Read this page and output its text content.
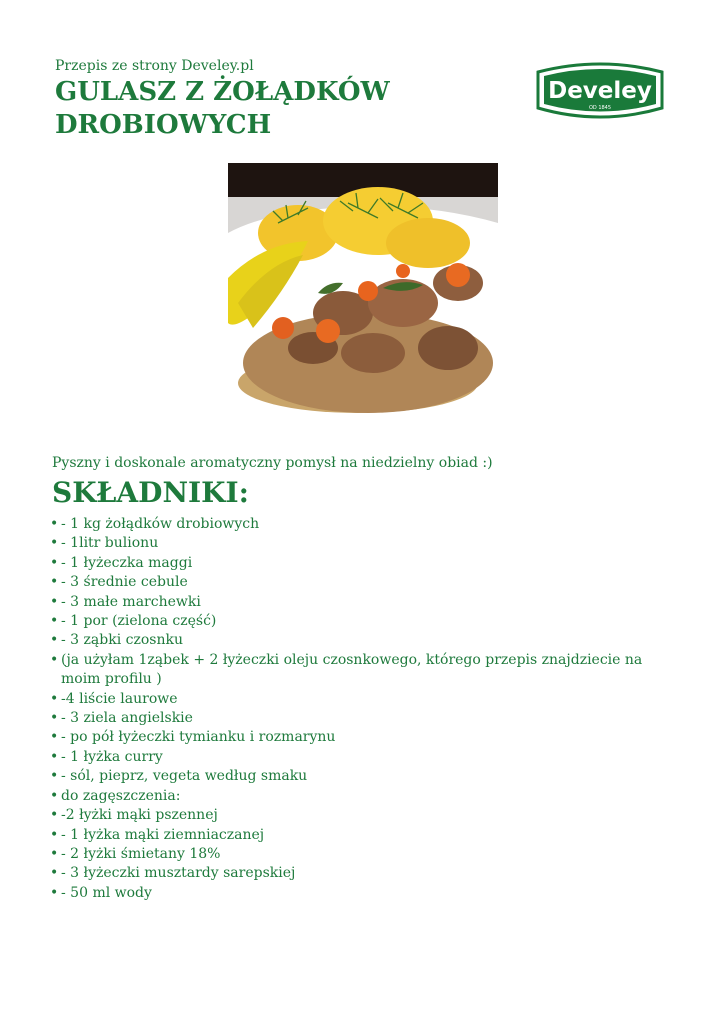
Przepis ze strony Develey.pl
GULASZ Z ŻOŁĄDKÓW DROBIOWYCH
Develey
OD 1845
Pyszny i doskonale aromatyczny pomysł na niedzielny obiad :)
SKŁADNIKI:
• - 1 kg żołądków drobiowych
• - 1litr bulionu
• - 1 łyżeczka maggi
• - 3 średnie cebule
• - 3 małe marchewki
• - 1 por (zielona część)
• - 3 ząbki czosnku
• (ja użyłam 1ząbek + 2 łyżeczki oleju czosnkowego, którego przepis znajdziecie na moim profilu )
• -4 liście laurowe
• - 3 ziela angielskie
• - po pół łyżeczki tymianku i rozmarynu
• - 1 łyżka curry
• - sól, pieprz, vegeta według smaku
• do zagęszczenia:
• -2 łyżki mąki pszennej
• - 1 łyżka mąki ziemniaczanej
• - 2 łyżki śmietany 18%
• - 3 łyżeczki musztardy sarepskiej
• - 50 ml wody
